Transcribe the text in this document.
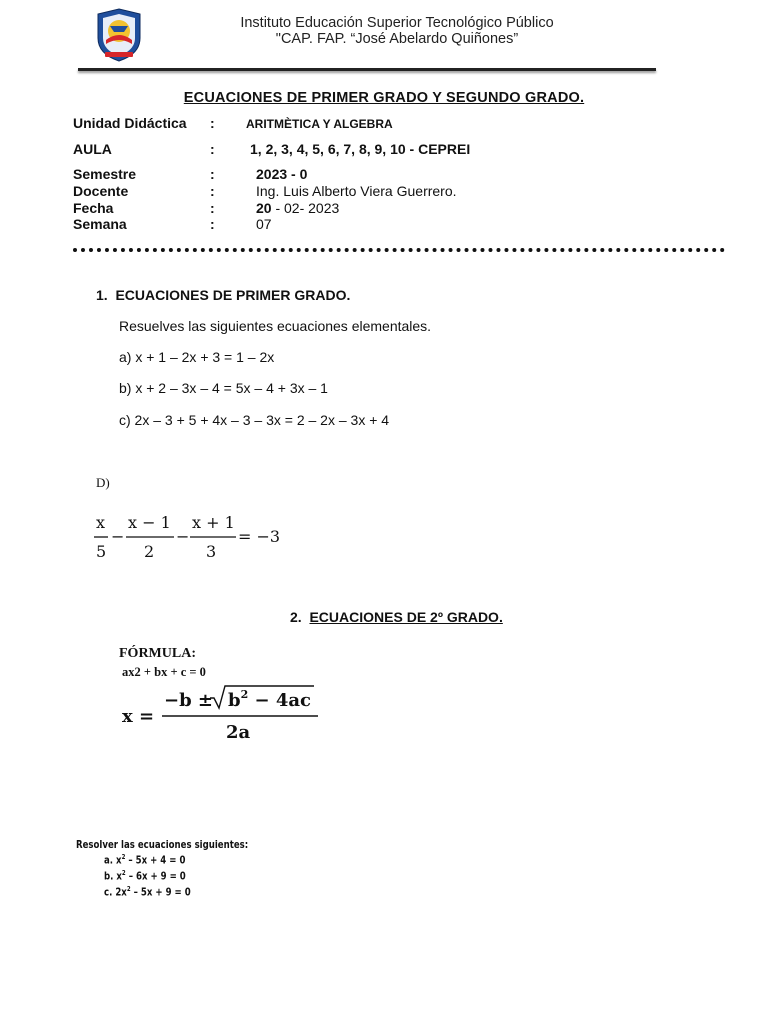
Instituto Educación Superior Tecnológico Público
"CAP. FAP. “José Abelardo Quiñones”
ECUACIONES DE PRIMER GRADO Y SEGUNDO GRADO.
Unidad Didáctica :	ARITMÈTICA Y ALGEBRA
AULA	:	1, 2, 3, 4, 5, 6, 7, 8, 9, 10 - CEPREI
Semestre	:	2023 - 0
Docente	:	Ing. Luis Alberto Viera Guerrero.
Fecha	:	20 - 02- 2023
Semana	:	07
1. ECUACIONES DE PRIMER GRADO.
Resuelves las siguientes ecuaciones elementales.
a) x + 1 – 2x + 3 = 1 – 2x
b) x + 2 – 3x – 4 = 5x – 4 + 3x – 1
c) 2x – 3 + 5 + 4x – 3 – 3x = 2 – 2x – 3x + 4
D)
x
5
−
x − 1
2
−
x + 1
3
= −3
2. ECUACIONES DE 2º GRADO.
FÓRMULA:
ax2 + bx + c = 0
x =
$-b \pm b^2 - 4ac$
2a
Resolver las ecuaciones siguientes:
a. $x^2 - 5x + 4 = 0$
b. $x^2 - 6x + 9 = 0$
c. $2x^2 - 5x + 9 = 0$
